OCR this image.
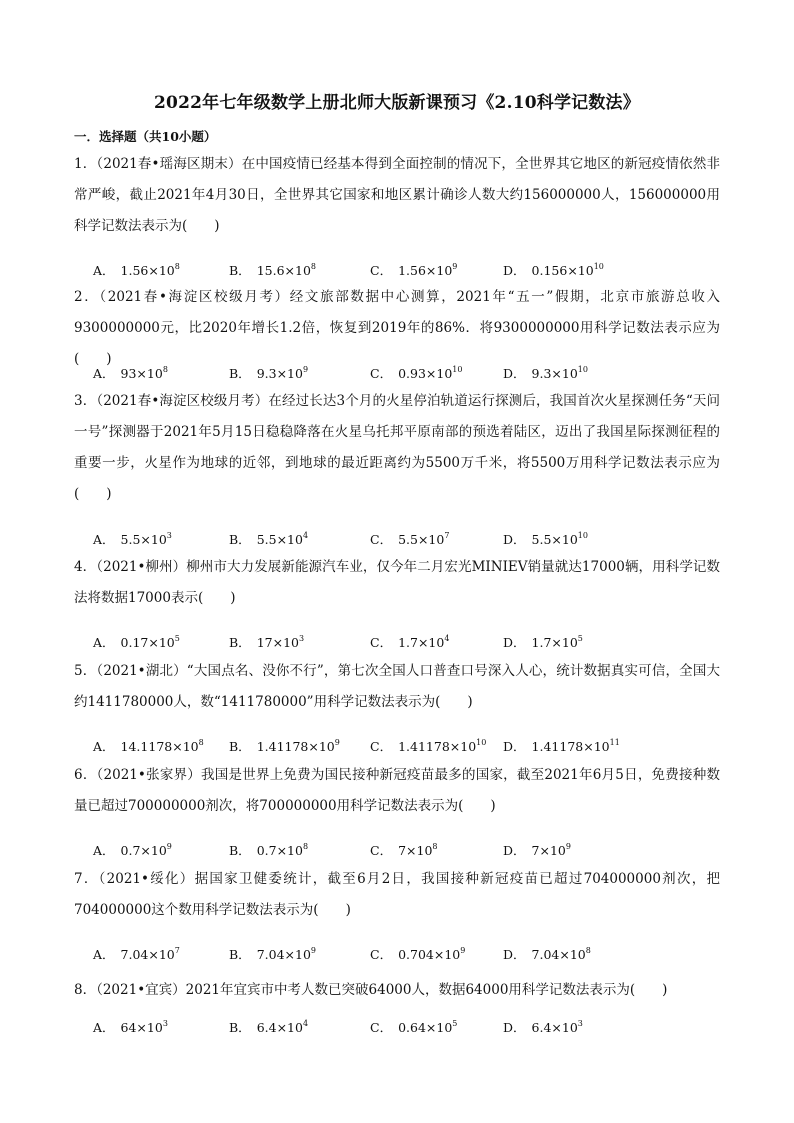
2022年七年级数学上册北师大版新课预习《2.10科学记数法》
一．选择题（共10小题）
1．（2021春•瑶海区期末）在中国疫情已经基本得到全面控制的情况下，全世界其它地区的新冠疫情依然非常严峻，截止2021年4月30日，全世界其它国家和地区累计确诊人数大约156000000人，156000000用科学记数法表示为(　　)
A． $1.56\times 10^8$	B． $15.6\times 10^8$	C． $1.56\times 10^9$	D． $0.156\times 10^{10}$
2．（2021春•海淀区校级月考）经文旅部数据中心测算，2021年“五一”假期，北京市旅游总收入9300000000元，比2020年增长1.2倍，恢复到2019年的86%．将9300000000用科学记数法表示应为(　　)
A． $93\times 10^8$	B． $9.3\times 10^9$	C． $0.93\times 10^{10}$	D． $9.3\times 10^{10}$
3．（2021春•海淀区校级月考）在经过长达3个月的火星停泊轨道运行探测后，我国首次火星探测任务“天问一号”探测器于2021年5月15日稳稳降落在火星乌托邦平原南部的预选着陆区，迈出了我国星际探测征程的重要一步，火星作为地球的近邻，到地球的最近距离约为5500万千米，将5500万用科学记数法表示应为(　　)
A． $5.5\times 10^3$	B． $5.5\times 10^4$	C． $5.5\times 10^7$	D． $5.5\times 10^{10}$
4．（2021•柳州）柳州市大力发展新能源汽车业，仅今年二月宏光MINIEV销量就达17000辆，用科学记数法将数据17000表示(　　)
A． $0.17\times 10^5$	B． $17\times 10^3$	C． $1.7\times 10^4$	D． $1.7\times 10^5$
5．（2021•湖北）“大国点名、没你不行”，第七次全国人口普查口号深入人心，统计数据真实可信，全国大约1411780000人，数“1411780000”用科学记数法表示为(　　)
A． $14.1178\times 10^8$ B． $1.41178\times 10^9$ C． $1.41178\times 10^{10}$ D． $1.41178\times 10^{11}$
6．（2021•张家界）我国是世界上免费为国民接种新冠疫苗最多的国家，截至2021年6月5日，免费接种数量已超过700000000剂次，将700000000用科学记数法表示为(　　)
A． $0.7\times 10^9$	B． $0.7\times 10^8$	C． $7\times 10^8$	D． $7\times 10^9$
7．（2021•绥化）据国家卫健委统计，截至6月2日，我国接种新冠疫苗已超过704000000剂次，把704000000这个数用科学记数法表示为(　　)
A． $7.04\times 10^7$	B． $7.04\times 10^9$	C． $0.704\times 10^9$	D． $7.04\times 10^8$
8．（2021•宜宾）2021年宜宾市中考人数已突破64000人，数据64000用科学记数法表示为(　　)
A． $64\times 10^3$	B． $6.4\times 10^4$	C． $0.64\times 10^5$	D． $6.4\times 10^3$
